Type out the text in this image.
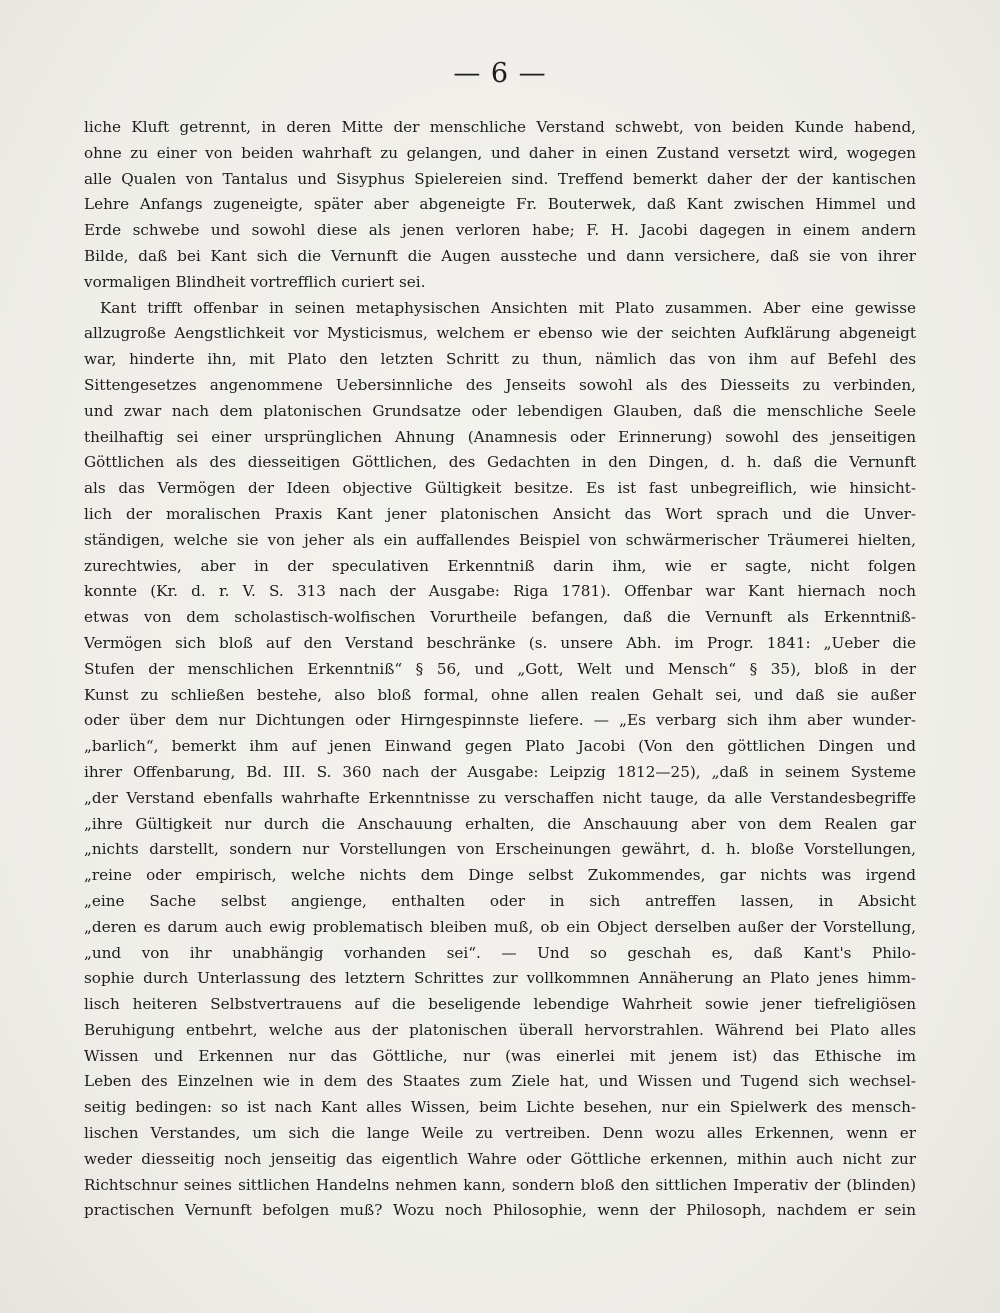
— 6 —
liche Kluft getrennt, in deren Mitte der menschliche Verstand schwebt, von beiden Kunde habend,
ohne zu einer von beiden wahrhaft zu gelangen, und daher in einen Zustand versetzt wird, wogegen
alle Qualen von Tantalus und Sisyphus Spielereien sind. Treffend bemerkt daher der der kantischen
Lehre Anfangs zugeneigte, später aber abgeneigte Fr. Bouterwek, daß Kant zwischen Himmel und
Erde schwebe und sowohl diese als jenen verloren habe; F. H. Jacobi dagegen in einem andern
Bilde, daß bei Kant sich die Vernunft die Augen aussteche und dann versichere, daß sie von ihrer
vormaligen Blindheit vortrefflich curiert sei.
Kant trifft offenbar in seinen metaphysischen Ansichten mit Plato zusammen. Aber eine gewisse
allzugroße Aengstlichkeit vor Mysticismus, welchem er ebenso wie der seichten Aufklärung abgeneigt
war, hinderte ihn, mit Plato den letzten Schritt zu thun, nämlich das von ihm auf Befehl des
Sittengesetzes angenommene Uebersinnliche des Jenseits sowohl als des Diesseits zu verbinden,
und zwar nach dem platonischen Grundsatze oder lebendigen Glauben, daß die menschliche Seele
theilhaftig sei einer ursprünglichen Ahnung (Anamnesis oder Erinnerung) sowohl des jenseitigen
Göttlichen als des diesseitigen Göttlichen, des Gedachten in den Dingen, d. h. daß die Vernunft
als das Vermögen der Ideen objective Gültigkeit besitze. Es ist fast unbegreiflich, wie hinsicht-
lich der moralischen Praxis Kant jener platonischen Ansicht das Wort sprach und die Unver-
ständigen, welche sie von jeher als ein auffallendes Beispiel von schwärmerischer Träumerei hielten,
zurechtwies, aber in der speculativen Erkenntniß darin ihm, wie er sagte, nicht folgen
konnte (Kr. d. r. V. S. 313 nach der Ausgabe: Riga 1781). Offenbar war Kant hiernach noch
etwas von dem scholastisch-wolfischen Vorurtheile befangen, daß die Vernunft als Erkenntniß-
Vermögen sich bloß auf den Verstand beschränke (s. unsere Abh. im Progr. 1841: „Ueber die
Stufen der menschlichen Erkenntniß“ § 56, und „Gott, Welt und Mensch“ § 35), bloß in der
Kunst zu schließen bestehe, also bloß formal, ohne allen realen Gehalt sei, und daß sie außer
oder über dem nur Dichtungen oder Hirngespinnste liefere. — „Es verbarg sich ihm aber wunder-
„barlich“, bemerkt ihm auf jenen Einwand gegen Plato Jacobi (Von den göttlichen Dingen und
ihrer Offenbarung, Bd. III. S. 360 nach der Ausgabe: Leipzig 1812—25), „daß in seinem Systeme
„der Verstand ebenfalls wahrhafte Erkenntnisse zu verschaffen nicht tauge, da alle Verstandesbegriffe
„ihre Gültigkeit nur durch die Anschauung erhalten, die Anschauung aber von dem Realen gar
„nichts darstellt, sondern nur Vorstellungen von Erscheinungen gewährt, d. h. bloße Vorstellungen,
„reine oder empirisch, welche nichts dem Dinge selbst Zukommendes, gar nichts was irgend
„eine Sache selbst angienge, enthalten oder in sich antreffen lassen, in Absicht
„deren es darum auch ewig problematisch bleiben muß, ob ein Object derselben außer der Vorstellung,
„und von ihr unabhängig vorhanden sei“. — Und so geschah es, daß Kant's Philo-
sophie durch Unterlassung des letztern Schrittes zur vollkommnen Annäherung an Plato jenes himm-
lisch heiteren Selbstvertrauens auf die beseligende lebendige Wahrheit sowie jener tiefreligiösen
Beruhigung entbehrt, welche aus der platonischen überall hervorstrahlen. Während bei Plato alles
Wissen und Erkennen nur das Göttliche, nur (was einerlei mit jenem ist) das Ethische im
Leben des Einzelnen wie in dem des Staates zum Ziele hat, und Wissen und Tugend sich wechsel-
seitig bedingen: so ist nach Kant alles Wissen, beim Lichte besehen, nur ein Spielwerk des mensch-
lischen Verstandes, um sich die lange Weile zu vertreiben. Denn wozu alles Erkennen, wenn er
weder diesseitig noch jenseitig das eigentlich Wahre oder Göttliche erkennen, mithin auch nicht zur
Richtschnur seines sittlichen Handelns nehmen kann, sondern bloß den sittlichen Imperativ der (blinden)
practischen Vernunft befolgen muß? Wozu noch Philosophie, wenn der Philosoph, nachdem er sein
